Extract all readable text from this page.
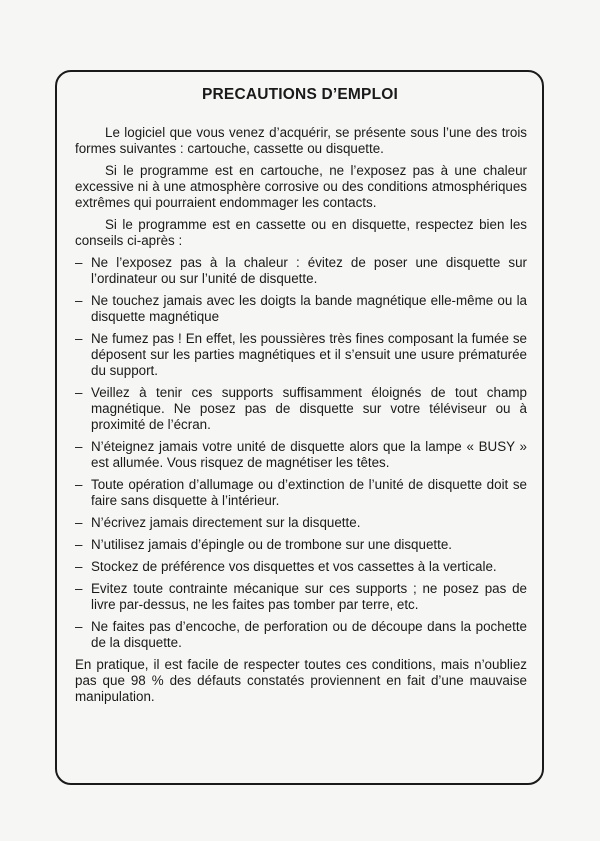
PRECAUTIONS D’EMPLOI

Le logiciel que vous venez d’acquérir, se présente sous l’une des trois formes suivantes : cartouche, cassette ou disquette.

Si le programme est en cartouche, ne l’exposez pas à une chaleur excessive ni à une atmosphère corrosive ou des conditions atmosphériques extrêmes qui pourraient endommager les contacts.

Si le programme est en cassette ou en disquette, respectez bien les conseils ci-après :

– Ne l’exposez pas à la chaleur : évitez de poser une disquette sur l’ordinateur ou sur l’unité de disquette.
– Ne touchez jamais avec les doigts la bande magnétique elle-même ou la disquette magnétique
– Ne fumez pas ! En effet, les poussières très fines composant la fumée se déposent sur les parties magnétiques et il s’ensuit une usure prématurée du support.
– Veillez à tenir ces supports suffisamment éloignés de tout champ magnétique. Ne posez pas de disquette sur votre téléviseur ou à proximité de l’écran.
– N’éteignez jamais votre unité de disquette alors que la lampe « BUSY » est allumée. Vous risquez de magnétiser les têtes.
– Toute opération d’allumage ou d’extinction de l’unité de disquette doit se faire sans disquette à l’intérieur.
– N’écrivez jamais directement sur la disquette.
– N’utilisez jamais d’épingle ou de trombone sur une disquette.
– Stockez de préférence vos disquettes et vos cassettes à la verticale.
– Evitez toute contrainte mécanique sur ces supports ; ne posez pas de livre par-dessus, ne les faites pas tomber par terre, etc.
– Ne faites pas d’encoche, de perforation ou de découpe dans la pochette de la disquette.

En pratique, il est facile de respecter toutes ces conditions, mais n’oubliez pas que 98 % des défauts constatés proviennent en fait d’une mauvaise manipulation.
